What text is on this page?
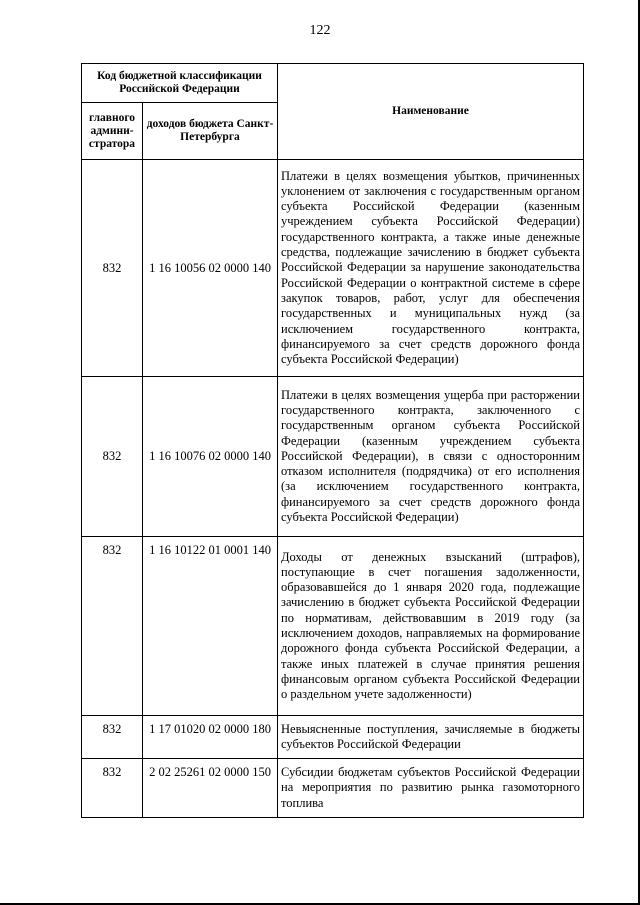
122
Код бюджетной классификации Российской Федерации		Наименование
главного админи-стратора	доходов бюджета Санкт-Петербурга	
832	1 16 10056 02 0000 140	Платежи в целях возмещения убытков, причиненных уклонением от заключения с государственным органом субъекта Российской Федерации (казенным учреждением субъекта Российской Федерации) государственного контракта, а также иные денежные средства, подлежащие зачислению в бюджет субъекта Российской Федерации за нарушение законодательства Российской Федерации о контрактной системе в сфере закупок товаров, работ, услуг для обеспечения государственных и муниципальных нужд (за исключением государственного контракта, финансируемого за счет средств дорожного фонда субъекта Российской Федерации)
832	1 16 10076 02 0000 140	Платежи в целях возмещения ущерба при расторжении государственного контракта, заключенного с государственным органом субъекта Российской Федерации (казенным учреждением субъекта Российской Федерации), в связи с односторонним отказом исполнителя (подрядчика) от его исполнения (за исключением государственного контракта, финансируемого за счет средств дорожного фонда субъекта Российской Федерации)
832	1 16 10122 01 0001 140	Доходы от денежных взысканий (штрафов), поступающие в счет погашения задолженности, образовавшейся до 1 января 2020 года, подлежащие зачислению в бюджет субъекта Российской Федерации по нормативам, действовавшим в 2019 году (за исключением доходов, направляемых на формирование дорожного фонда субъекта Российской Федерации, а также иных платежей в случае принятия решения финансовым органом субъекта Российской Федерации о раздельном учете задолженности)
832	1 17 01020 02 0000 180	Невыясненные поступления, зачисляемые в бюджеты субъектов Российской Федерации
832	2 02 25261 02 0000 150	Субсидии бюджетам субъектов Российской Федерации на мероприятия по развитию рынка газомоторного топлива
